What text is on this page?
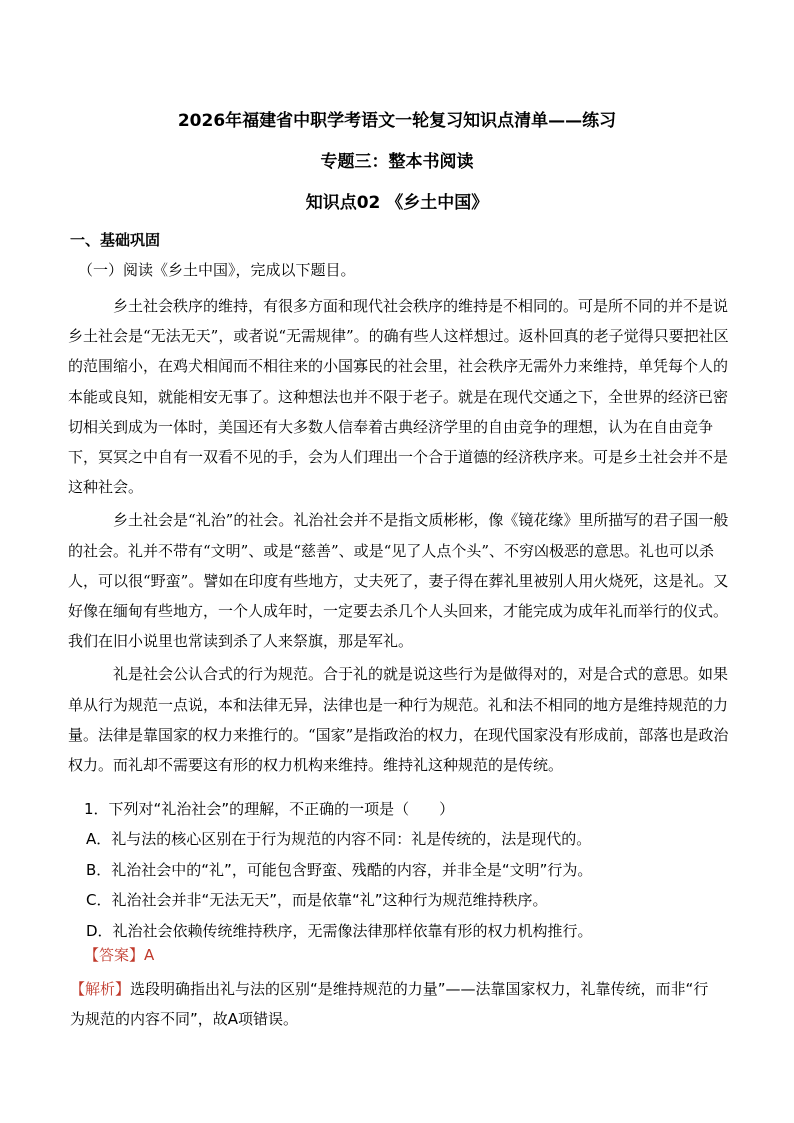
2026年福建省中职学考语文一轮复习知识点清单——练习
专题三：整本书阅读
知识点02 《乡土中国》
一、基础巩固
（一）阅读《乡土中国》，完成以下题目。

乡土社会秩序的维持，有很多方面和现代社会秩序的维持是不相同的。可是所不同的并不是说乡土社会是“无法无天”，或者说“无需规律”。的确有些人这样想过。返朴回真的老子觉得只要把社区的范围缩小，在鸡犬相闻而不相往来的小国寡民的社会里，社会秩序无需外力来维持，单凭每个人的本能或良知，就能相安无事了。这种想法也并不限于老子。就是在现代交通之下，全世界的经济已密切相关到成为一体时，美国还有大多数人信奉着古典经济学里的自由竞争的理想，认为在自由竞争下，冥冥之中自有一双看不见的手，会为人们理出一个合于道德的经济秩序来。可是乡土社会并不是这种社会。

乡土社会是“礼治”的社会。礼治社会并不是指文质彬彬，像《镜花缘》里所描写的君子国一般的社会。礼并不带有“文明”、或是“慈善”、或是“见了人点个头”、不穷凶极恶的意思。礼也可以杀人，可以很“野蛮”。譬如在印度有些地方，丈夫死了，妻子得在葬礼里被别人用火烧死，这是礼。又好像在缅甸有些地方，一个人成年时，一定要去杀几个人头回来，才能完成为成年礼而举行的仪式。我们在旧小说里也常读到杀了人来祭旗，那是军礼。

礼是社会公认合式的行为规范。合于礼的就是说这些行为是做得对的，对是合式的意思。如果单从行为规范一点说，本和法律无异，法律也是一种行为规范。礼和法不相同的地方是维持规范的力量。法律是靠国家的权力来推行的。“国家”是指政治的权力，在现代国家没有形成前，部落也是政治权力。而礼却不需要这有形的权力机构来维持。维持礼这种规范的是传统。

1．下列对“礼治社会”的理解，不正确的一项是（　　）
A．礼与法的核心区别在于行为规范的内容不同：礼是传统的，法是现代的。
B．礼治社会中的“礼”，可能包含野蛮、残酷的内容，并非全是“文明”行为。
C．礼治社会并非“无法无天”，而是依靠“礼”这种行为规范维持秩序。
D．礼治社会依赖传统维持秩序，无需像法律那样依靠有形的权力机构推行。
【答案】A
【解析】选段明确指出礼与法的区别“是维持规范的力量”——法靠国家权力，礼靠传统，而非“行为规范的内容不同”，故A项错误。
